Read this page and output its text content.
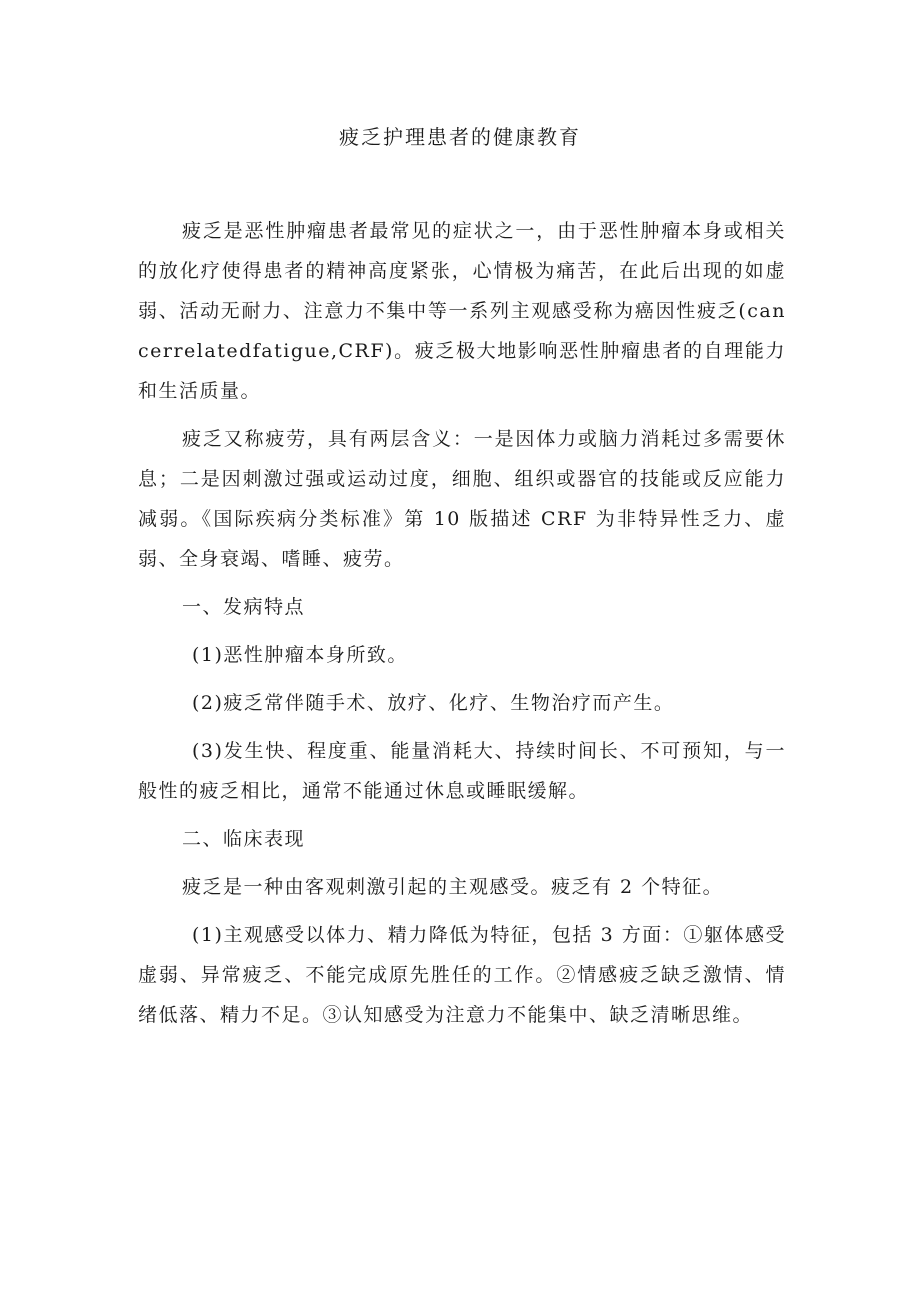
疲乏护理患者的健康教育

疲乏是恶性肿瘤患者最常见的症状之一，由于恶性肿瘤本身或相关的放化疗使得患者的精神高度紧张，心情极为痛苦，在此后出现的如虚弱、活动无耐力、注意力不集中等一系列主观感受称为癌因性疲乏(cancerrelatedfatigue,CRF)。疲乏极大地影响恶性肿瘤患者的自理能力和生活质量。

疲乏又称疲劳，具有两层含义：一是因体力或脑力消耗过多需要休息；二是因刺激过强或运动过度，细胞、组织或器官的技能或反应能力减弱。《国际疾病分类标准》第 10 版描述 CRF 为非特异性乏力、虚弱、全身衰竭、嗜睡、疲劳。

一、发病特点

(1)恶性肿瘤本身所致。

(2)疲乏常伴随手术、放疗、化疗、生物治疗而产生。

(3)发生快、程度重、能量消耗大、持续时间长、不可预知，与一般性的疲乏相比，通常不能通过休息或睡眠缓解。

二、临床表现

疲乏是一种由客观刺激引起的主观感受。疲乏有 2 个特征。

(1)主观感受以体力、精力降低为特征，包括 3 方面：①躯体感受虚弱、异常疲乏、不能完成原先胜任的工作。②情感疲乏缺乏激情、情绪低落、精力不足。③认知感受为注意力不能集中、缺乏清晰思维。
